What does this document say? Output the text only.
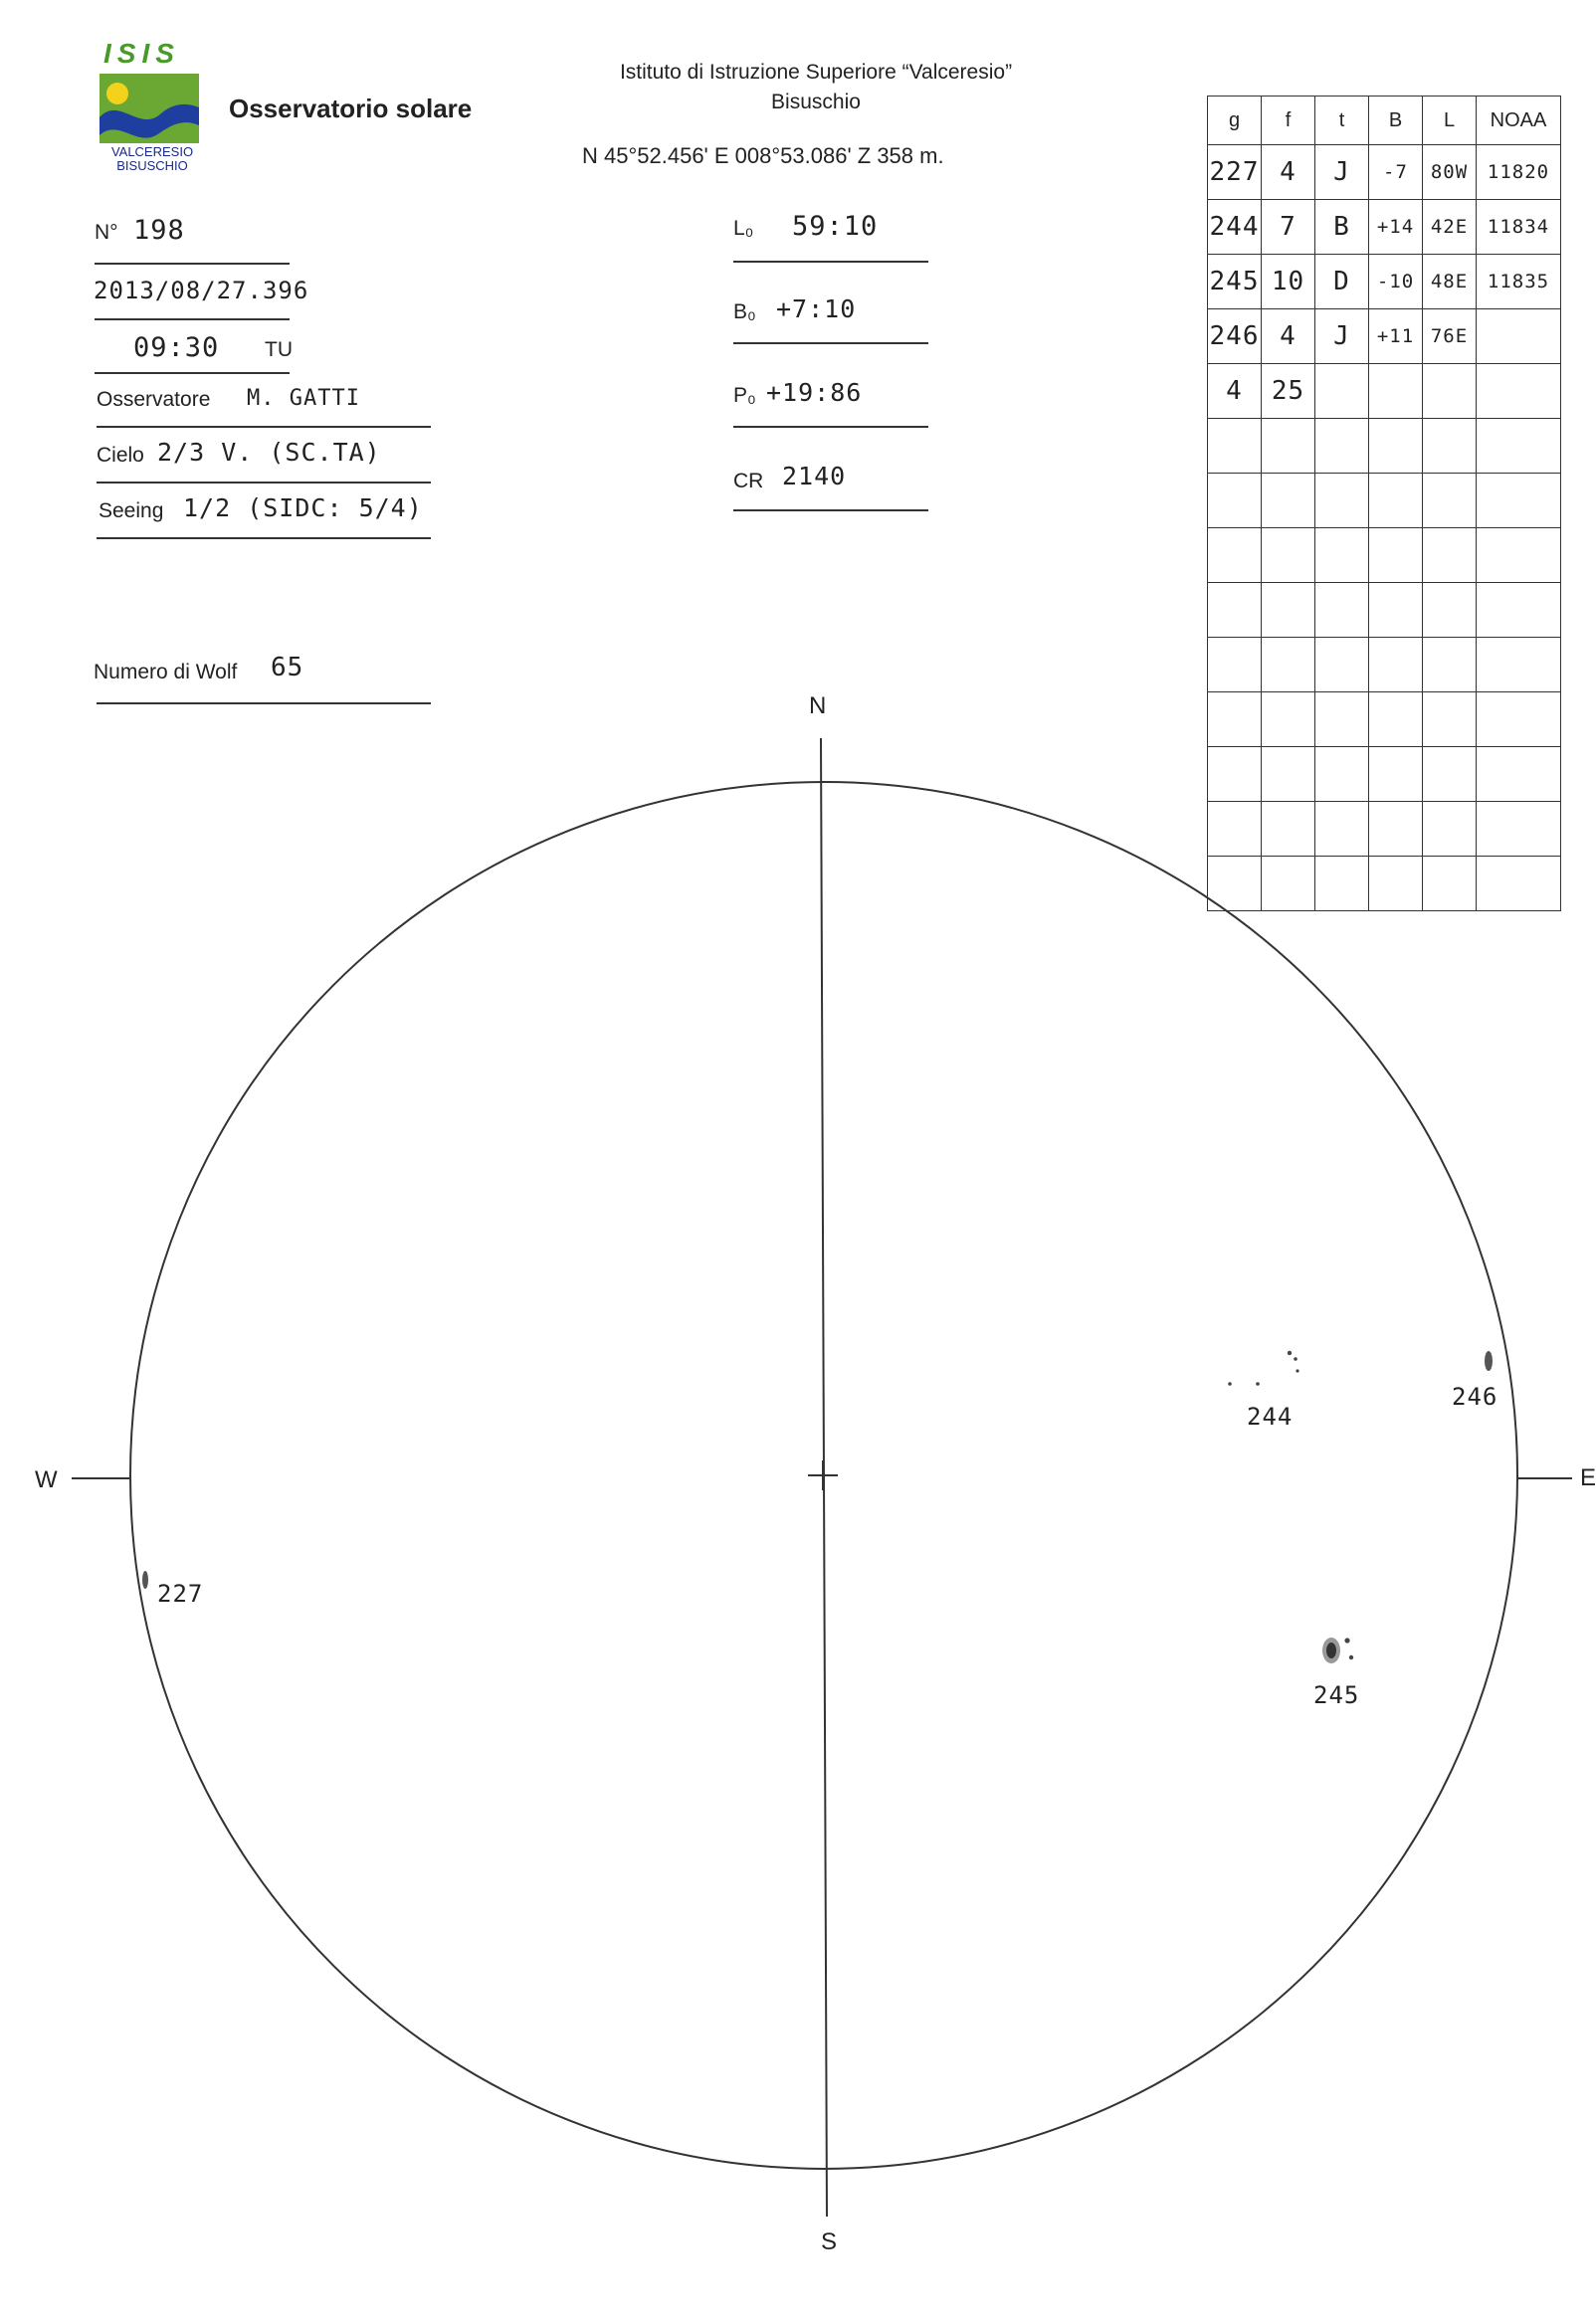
ISIS
VALCERESIO
BISUSCHIO
Osservatorio solare
Istituto di Istruzione Superiore “Valceresio”
Bisuschio
N 45°52.456' E 008°53.086' Z 358 m.
N° 198
2013/08/27.396
09:30 TU
Osservatore M. GATTI
Cielo 2/3 V. (SC.TA)
Seeing 1/2 (SIDC: 5/4)
Numero di Wolf 65
L₀ 59:10
B₀ +7:10
P₀ +19:86
CR 2140
g	f	t	B	L	NOAA
227	4	J	-7	80W	11820
244	7	B	+14	42E	11834
245	10	D	-10	48E	11835
246	4	J	+11	76E	
4	25				

N
S
W	E
227
244
245
246
